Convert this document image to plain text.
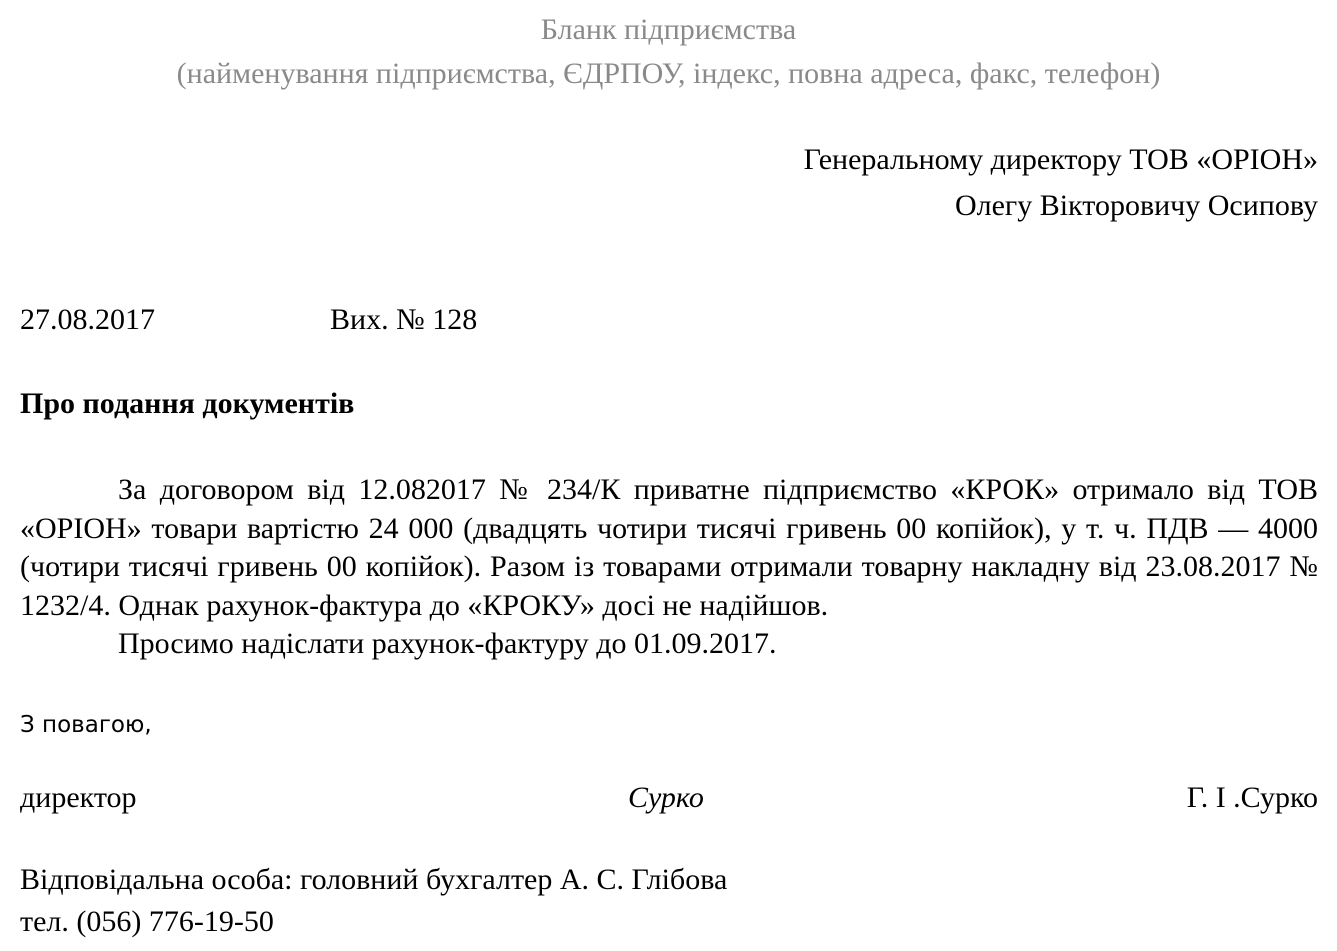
Бланк підприємства
(найменування підприємства, ЄДРПОУ, індекс, повна адреса, факс, телефон)
Генеральному директору ТОВ «ОРІОН»
Олегу Вікторовичу Осипову
27.08.2017	Вих. № 128
Про подання документів

За договором від 12.082017 № 234/К приватне підприємство «КРОК» отримало від ТОВ «ОРІОН» товари вартістю 24 000 (двадцять чотири тисячі гривень 00 копійок), у т. ч. ПДВ — 4000 (чотири тисячі гривень 00 копійок). Разом із товарами отримали товарну накладну від 23.08.2017 № 1232/4. Однак рахунок-фактура до «КРОКУ» досі не надійшов.

Просимо надіслати рахунок-фактуру до 01.09.2017.

З повагою,
директор	Сурко	Г. І .Сурко
Відповідальна особа: головний бухгалтер А. С. Глібова
тел. (056) 776-19-50
